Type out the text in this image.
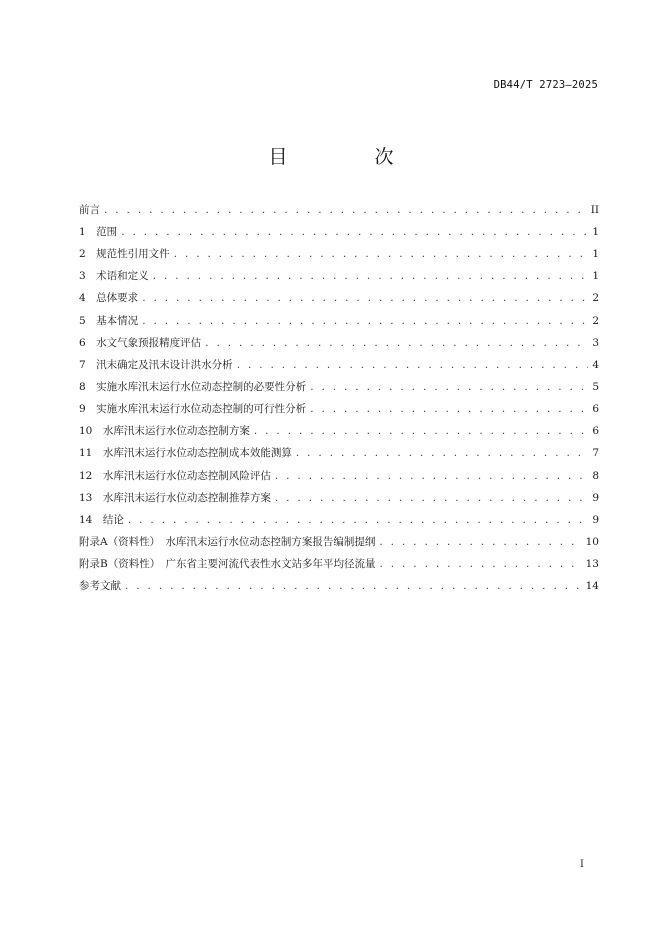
DB44/T 2723—2025
目　次
前言 . . .	II
1　范围 . . .	1
2　规范性引用文件 . . .	1
3　术语和定义 . . .	1
4　总体要求 . . .	2
5　基本情况 . . .	2
6　水文气象预报精度评估 . . .	3
7　汛末确定及汛末设计洪水分析 . . .	4
8　实施水库汛末运行水位动态控制的必要性分析 . . .	5
9　实施水库汛末运行水位动态控制的可行性分析 . . .	6
10　水库汛末运行水位动态控制方案 . . .	6
11　水库汛末运行水位动态控制成本效能测算 . . .	7
12　水库汛末运行水位动态控制风险评估 . . .	8
13　水库汛末运行水位动态控制推荐方案 . . .	9
14　结论 . . .	9
附录A（资料性）　水库汛末运行水位动态控制方案报告编制提纲 . . .	10
附录B（资料性）　广东省主要河流代表性水文站多年平均径流量 . . .	13
参考文献 . . .	14
I
